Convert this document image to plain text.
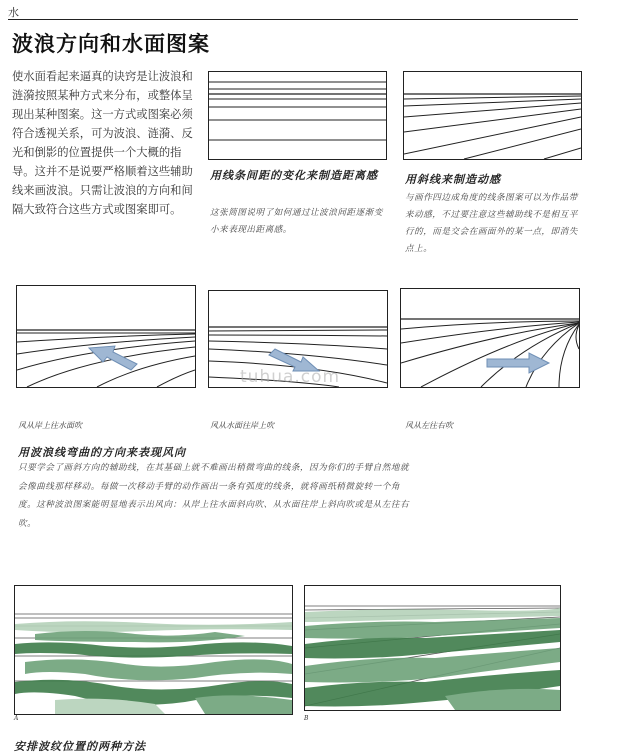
水
波浪方向和水面图案
使水面看起来逼真的诀窍是让波浪和涟漪按照某种方式来分布，或整体呈现出某种图案。这一方式或图案必须符合透视关系，可为波浪、涟漪、反光和倒影的位置提供一个大概的指导。这并不是说要严格顺着这些辅助线来画波浪。只需让波浪的方向和间隔大致符合这些方式或图案即可。
用线条间距的变化来制造距离感
这张简图说明了如何通过让波浪间距逐渐变小来表现出距离感。
用斜线来制造动感
与画作四边成角度的线条图案可以为作品带来动感，不过要注意这些辅助线不是相互平行的，而是交会在画面外的某一点，即消失点上。
风从岸上往水面吹	风从水面往岸上吹	风从左往右吹
tuhua.com
用波浪线弯曲的方向来表现风向
只要学会了画斜方向的辅助线，在其基础上就不难画出稍微弯曲的线条，因为你们的手臂自然地就会像曲线那样移动。每做一次移动手臂的动作画出一条有弧度的线条，就将画纸稍微旋转一个角度。这种波浪图案能明显地表示出风向：从岸上往水面斜向吹、从水面往岸上斜向吹或是从左往右吹。
A	B
安排波纹位置的两种方法
